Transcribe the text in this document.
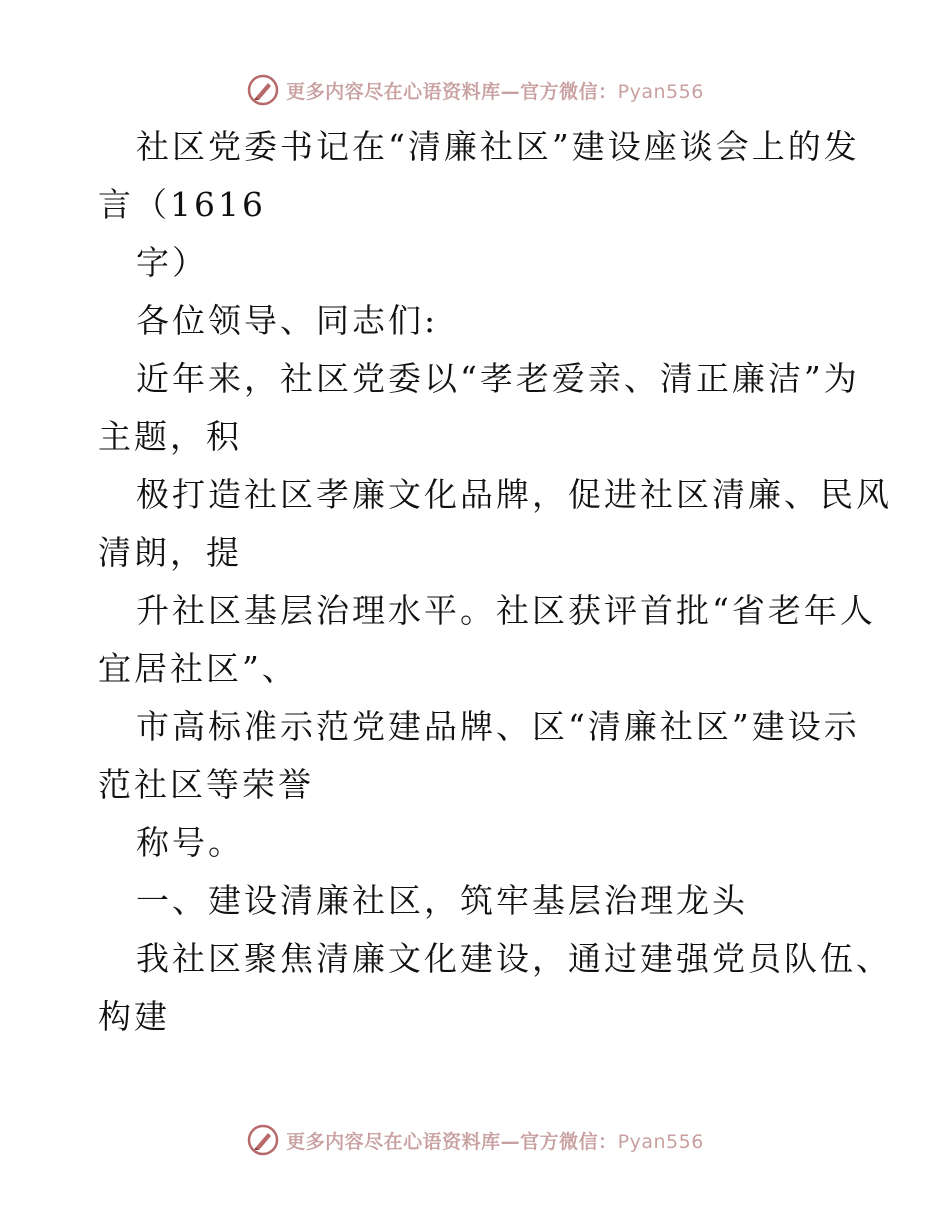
更多内容尽在心语资料库—官方微信：Pyan556
社区党委书记在“清廉社区”建设座谈会上的发
言（1616
字）
各位领导、同志们:
近年来，社区党委以“孝老爱亲、清正廉洁”为
主题，积
极打造社区孝廉文化品牌，促进社区清廉、民风
清朗，提
升社区基层治理水平。社区获评首批“省老年人
宜居社区”、
市高标准示范党建品牌、区“清廉社区”建设示
范社区等荣誉
称号。
一、建设清廉社区，筑牢基层治理龙头
我社区聚焦清廉文化建设，通过建强党员队伍、
构建
更多内容尽在心语资料库—官方微信：Pyan556
